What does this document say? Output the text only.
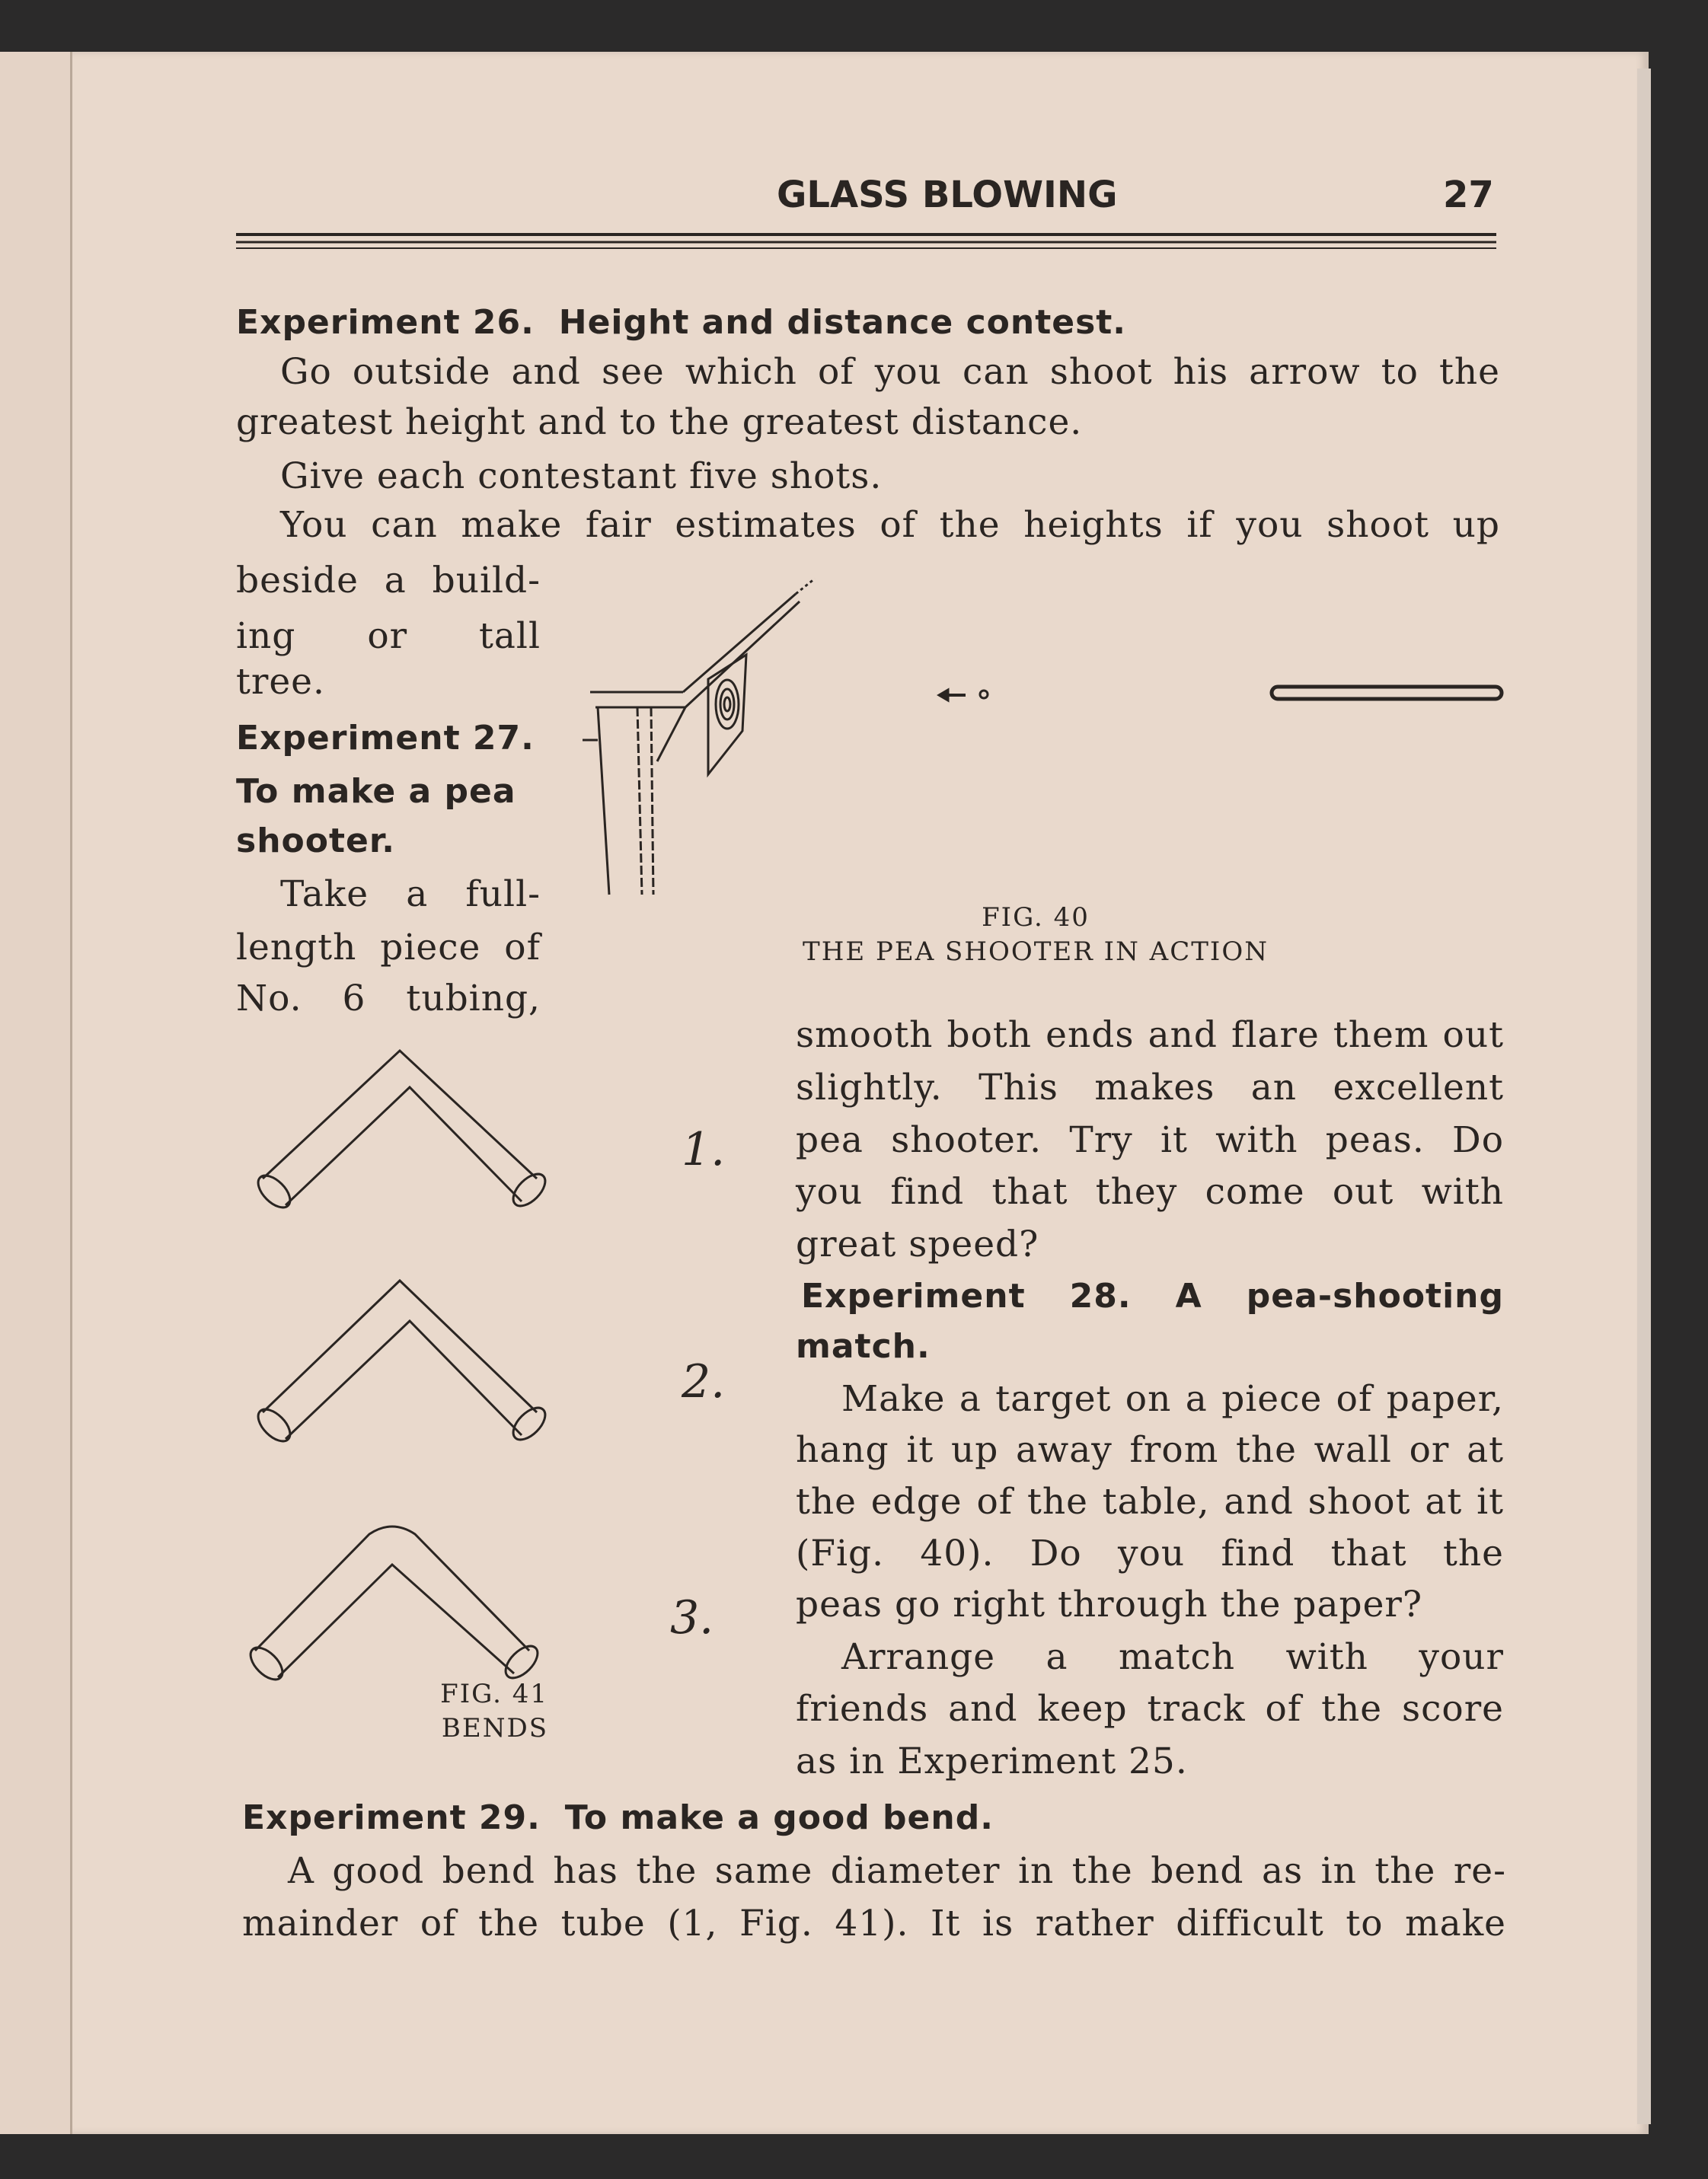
GLASS BLOWING	27
Experiment 26. Height and distance contest.
Go outside and see which of you can shoot his arrow to the
greatest height and to the greatest distance.
Give each contestant five shots.
You can make fair estimates of the heights if you shoot up
beside a build-
ing or tall
tree.
Experiment 27.
To make a pea
shooter.
Take a full-
length piece of
No. 6 tubing,
FIG. 40
THE PEA SHOOTER IN ACTION
smooth both ends and flare them out
slightly. This makes an excellent
pea shooter. Try it with peas. Do
you find that they come out with
great speed?
Experiment 28. A pea-shooting
match.
Make a target on a piece of paper,
hang it up away from the wall or at
the edge of the table, and shoot at it
(Fig. 40). Do you find that the
peas go right through the paper?
Arrange a match with your
friends and keep track of the score
as in Experiment 25.
1.
2.
3.
FIG. 41
BENDS
Experiment 29. To make a good bend.
A good bend has the same diameter in the bend as in the re-
mainder of the tube (1, Fig. 41). It is rather difficult to make
